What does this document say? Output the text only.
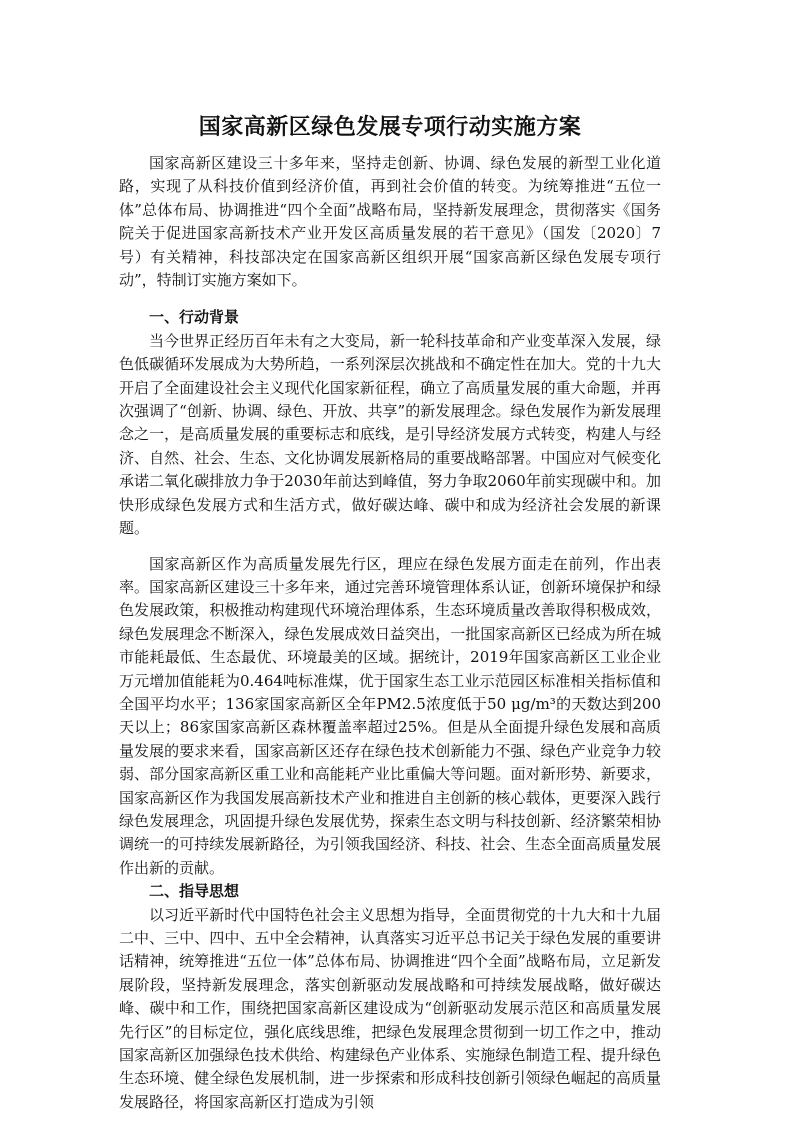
国家高新区绿色发展专项行动实施方案

国家高新区建设三十多年来，坚持走创新、协调、绿色发展的新型工业化道路，实现了从科技价值到经济价值，再到社会价值的转变。为统筹推进“五位一体”总体布局、协调推进“四个全面”战略布局，坚持新发展理念，贯彻落实《国务院关于促进国家高新技术产业开发区高质量发展的若干意见》（国发〔2020〕7号）有关精神，科技部决定在国家高新区组织开展“国家高新区绿色发展专项行动”，特制订实施方案如下。

一、行动背景

当今世界正经历百年未有之大变局，新一轮科技革命和产业变革深入发展，绿色低碳循环发展成为大势所趋，一系列深层次挑战和不确定性在加大。党的十九大开启了全面建设社会主义现代化国家新征程，确立了高质量发展的重大命题，并再次强调了“创新、协调、绿色、开放、共享”的新发展理念。绿色发展作为新发展理念之一，是高质量发展的重要标志和底线，是引导经济发展方式转变，构建人与经济、自然、社会、生态、文化协调发展新格局的重要战略部署。中国应对气候变化承诺二氧化碳排放力争于2030年前达到峰值，努力争取2060年前实现碳中和。加快形成绿色发展方式和生活方式，做好碳达峰、碳中和成为经济社会发展的新课题。

国家高新区作为高质量发展先行区，理应在绿色发展方面走在前列，作出表率。国家高新区建设三十多年来，通过完善环境管理体系认证，创新环境保护和绿色发展政策，积极推动构建现代环境治理体系，生态环境质量改善取得积极成效，绿色发展理念不断深入，绿色发展成效日益突出，一批国家高新区已经成为所在城市能耗最低、生态最优、环境最美的区域。据统计，2019年国家高新区工业企业万元增加值能耗为0.464吨标准煤，优于国家生态工业示范园区标准相关指标值和全国平均水平；136家国家高新区全年PM2.5浓度低于50 μg/m³的天数达到200天以上；86家国家高新区森林覆盖率超过25%。但是从全面提升绿色发展和高质量发展的要求来看，国家高新区还存在绿色技术创新能力不强、绿色产业竞争力较弱、部分国家高新区重工业和高能耗产业比重偏大等问题。面对新形势、新要求，国家高新区作为我国发展高新技术产业和推进自主创新的核心载体，更要深入践行绿色发展理念，巩固提升绿色发展优势，探索生态文明与科技创新、经济繁荣相协调统一的可持续发展新路径，为引领我国经济、科技、社会、生态全面高质量发展作出新的贡献。

二、指导思想

以习近平新时代中国特色社会主义思想为指导，全面贯彻党的十九大和十九届二中、三中、四中、五中全会精神，认真落实习近平总书记关于绿色发展的重要讲话精神，统筹推进“五位一体”总体布局、协调推进“四个全面”战略布局，立足新发展阶段，坚持新发展理念，落实创新驱动发展战略和可持续发展战略，做好碳达峰、碳中和工作，围绕把国家高新区建设成为“创新驱动发展示范区和高质量发展先行区”的目标定位，强化底线思维，把绿色发展理念贯彻到一切工作之中，推动国家高新区加强绿色技术供给、构建绿色产业体系、实施绿色制造工程、提升绿色生态环境、健全绿色发展机制，进一步探索和形成科技创新引领绿色崛起的高质量发展路径，将国家高新区打造成为引领
